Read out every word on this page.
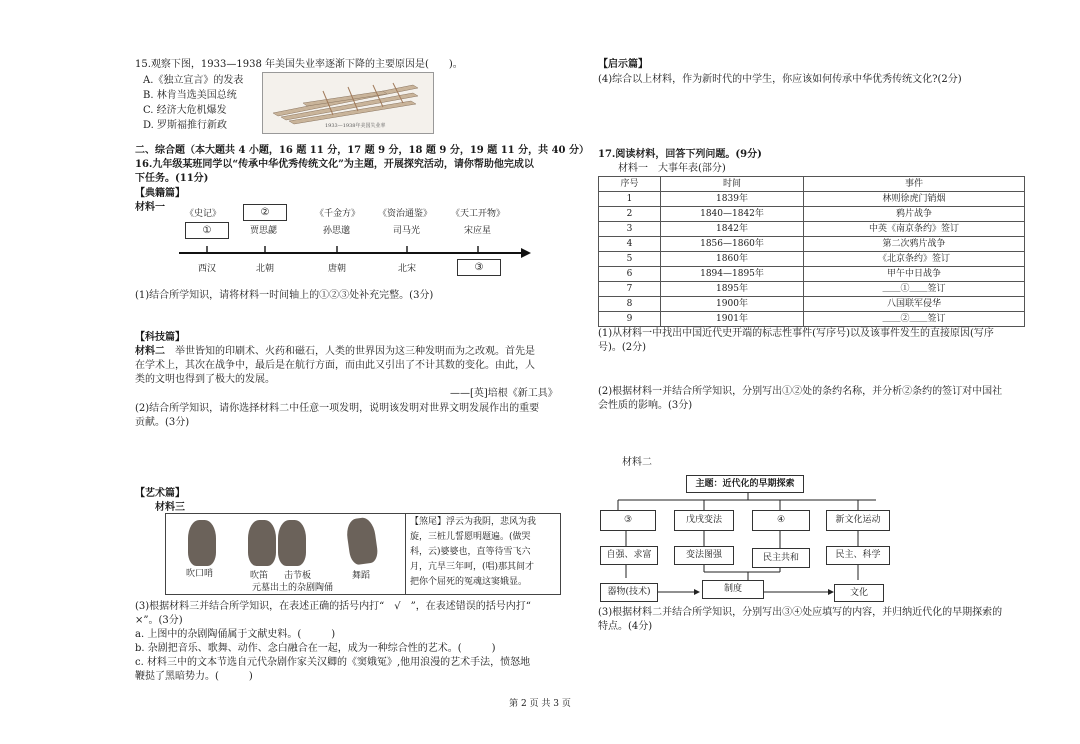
15.观察下图，1933—1938 年美国失业率逐渐下降的主要原因是(　　)。
A.《独立宣言》的发表
B. 林肯当选美国总统
C. 经济大危机爆发
D. 罗斯福推行新政	1933—1938年美国失业率
二、综合题（本大题共 4 小题，16 题 11 分，17 题 9 分，18 题 9 分，19 题 11 分，共 40 分）
16.九年级某班同学以“传承中华优秀传统文化”为主题，开展探究活动，请你帮助他完成以
下任务。(11分)
【典籍篇】
材料一
《史记》	②	《千金方》 《资治通鉴》 《天工开物》
①	贾思勰	孙思邈	司马光	宋应星
西汉	北朝	唐朝	北宋	③
(1)结合所学知识，请将材料一时间轴上的①②③处补充完整。(3分)
【科技篇】
材料二　举世皆知的印刷术、火药和磁石，人类的世界因为这三种发明而为之改观。首先是
在学术上，其次在战争中，最后是在航行方面，而由此又引出了不计其数的变化。由此，人
类的文明也得到了极大的发展。
——[英]培根《新工具》
(2)结合所学知识，请你选择材料二中任意一项发明，说明该发明对世界文明发展作出的重要
贡献。(3分)
【艺术篇】
材料三
吹口哨	吹笛 击节板	舞蹈
元墓出土的杂剧陶俑
【煞尾】浮云为我阴，悲风为我
旋，三桩儿誓愿明题遍。(做哭
科，云)婆婆也，直等待雪飞六
月，亢旱三年呵，(唱)那其间才
把你个屈死的冤魂这窦娥显。
(3)根据材料三并结合所学知识，在表述正确的括号内打“　√　”，在表述错误的括号内打“
×”。(3分)
a. 上图中的杂剧陶俑属于文献史料。(　　　)
b. 杂剧把音乐、歌舞、动作、念白融合在一起，成为一种综合性的艺术。(　　　)
c. 材料三中的文本节选自元代杂剧作家关汉卿的《窦娥冤》,他用浪漫的艺术手法，愤怒地
鞭挞了黑暗势力。(　　　)
【启示篇】
(4)综合以上材料，作为新时代的中学生，你应该如何传承中华优秀传统文化?(2分)
17.阅读材料，回答下列问题。(9分)
材料一　大事年表(部分)
序号	时间	事件
1	1839年	林则徐虎门销烟
2	1840—1842年	鸦片战争
3	1842年	中英《南京条约》签订
4	1856—1860年	第二次鸦片战争
5	1860年	《北京条约》签订
6	1894—1895年	甲午中日战争
7	1895年	＿＿①＿＿签订
8	1900年	八国联军侵华
9	1901年	＿＿②＿＿签订
(1)从材料一中找出中国近代史开端的标志性事件(写序号)以及该事件发生的直接原因(写序
号)。(2分)
(2)根据材料一并结合所学知识，分别写出①②处的条约名称，并分析②条约的签订对中国社
会性质的影响。(3分)
材料二
主题：近代化的早期探索
③	戊戌变法	④	新文化运动
自强、求富	变法图强	民主共和	民主、科学
器物(技术)	制度	文化
(3)根据材料二并结合所学知识，分别写出③④处应填写的内容，并归纳近代化的早期探索的
特点。(4分)
第 2 页 共 3 页
